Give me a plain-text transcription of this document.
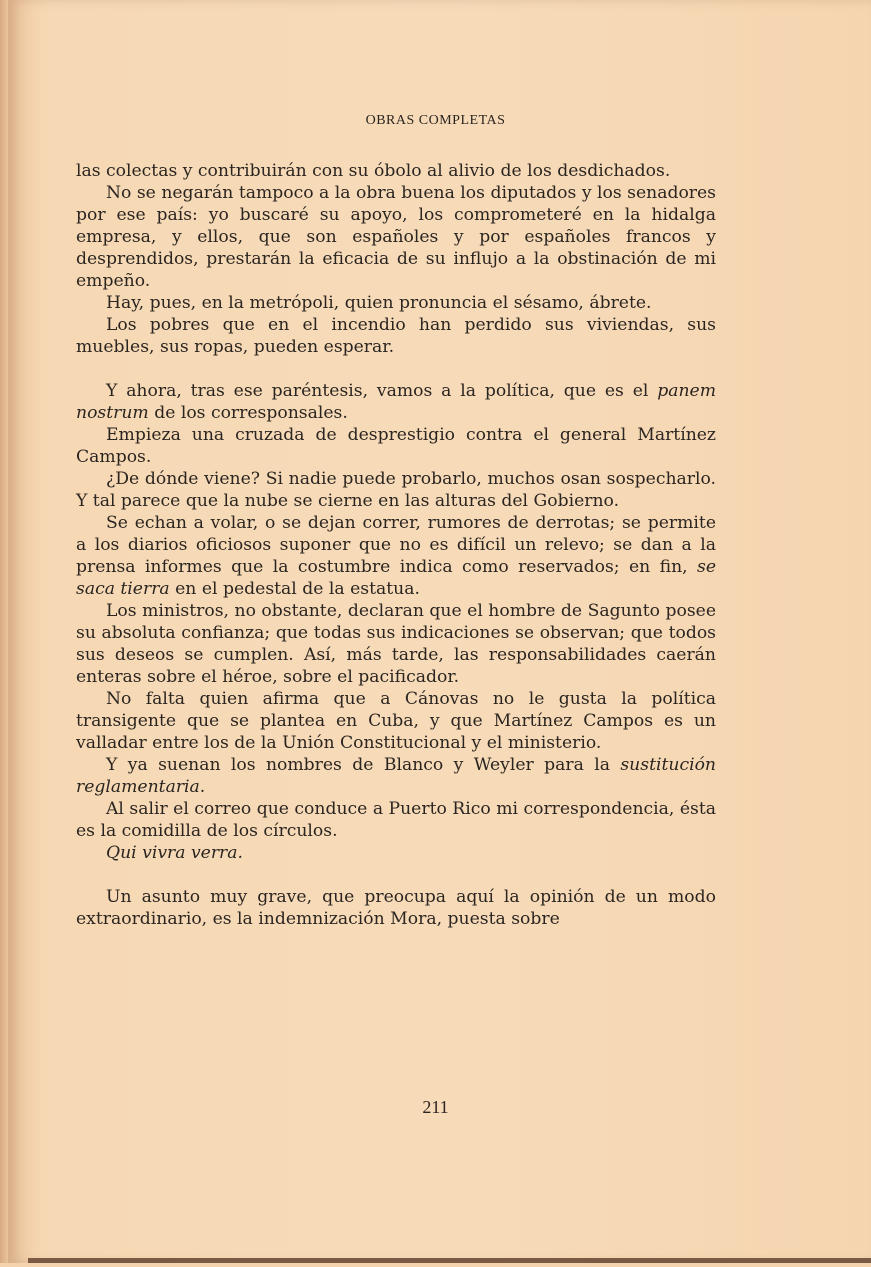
OBRAS COMPLETAS

las colectas y contribuirán con su óbolo al alivio de los desdichados.

No se negarán tampoco a la obra buena los diputados y los senadores por ese país: yo buscaré su apoyo, los comprometeré en la hidalga empresa, y ellos, que son españoles y por españoles francos y desprendidos, prestarán la eficacia de su influjo a la obstinación de mi empeño.

Hay, pues, en la metrópoli, quien pronuncia el sésamo, ábrete.

Los pobres que en el incendio han perdido sus viviendas, sus muebles, sus ropas, pueden esperar.

Y ahora, tras ese paréntesis, vamos a la política, que es el panem nostrum de los corresponsales.

Empieza una cruzada de desprestigio contra el general Martínez Campos.

¿De dónde viene? Si nadie puede probarlo, muchos osan sospecharlo. Y tal parece que la nube se cierne en las alturas del Gobierno.

Se echan a volar, o se dejan correr, rumores de derrotas; se permite a los diarios oficiosos suponer que no es difícil un relevo; se dan a la prensa informes que la costumbre indica como reservados; en fin, se saca tierra en el pedestal de la estatua.

Los ministros, no obstante, declaran que el hombre de Sagunto posee su absoluta confianza; que todas sus indicaciones se observan; que todos sus deseos se cumplen. Así, más tarde, las responsabilidades caerán enteras sobre el héroe, sobre el pacificador.

No falta quien afirma que a Cánovas no le gusta la política transigente que se plantea en Cuba, y que Martínez Campos es un valladar entre los de la Unión Constitucional y el ministerio.

Y ya suenan los nombres de Blanco y Weyler para la sustitución reglamentaria.

Al salir el correo que conduce a Puerto Rico mi correspondencia, ésta es la comidilla de los círculos.

Qui vivra verra.

Un asunto muy grave, que preocupa aquí la opinión de un modo extraordinario, es la indemnización Mora, puesta sobre

211
